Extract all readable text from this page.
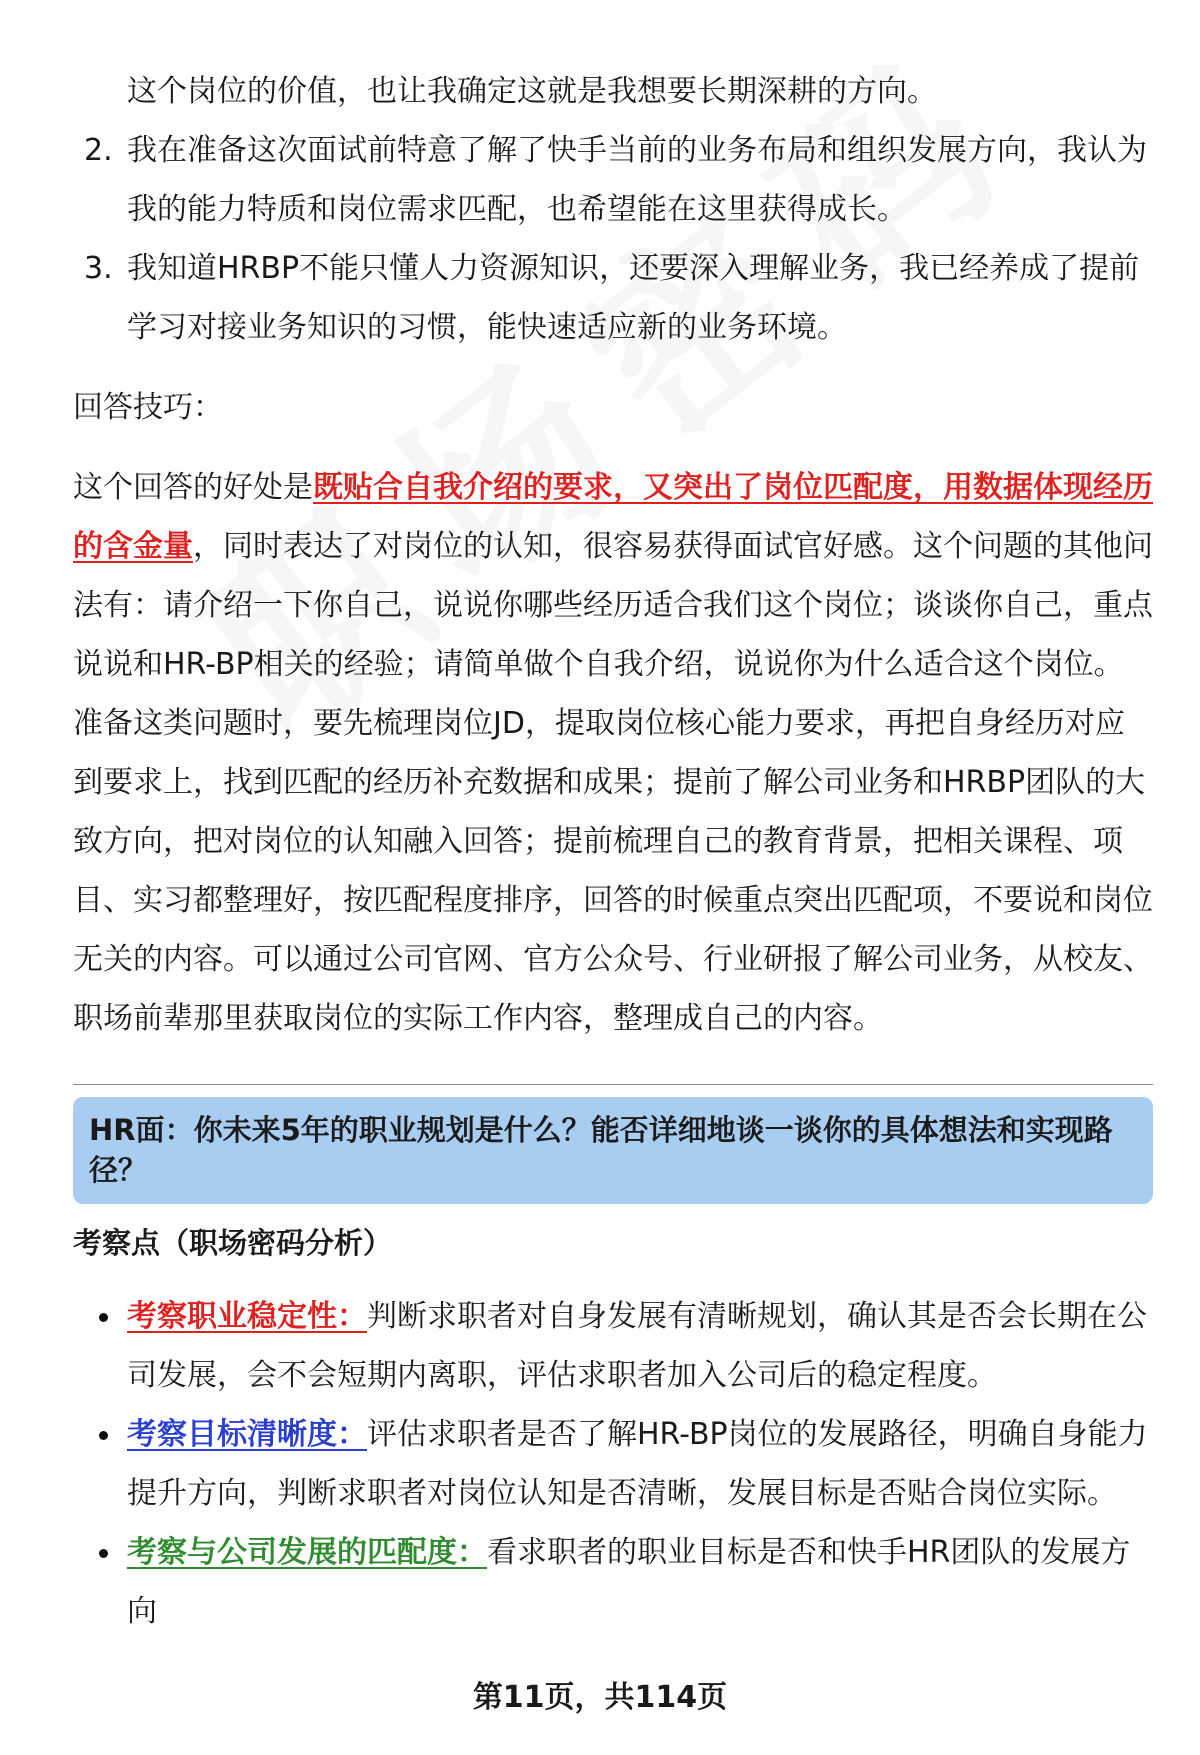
这个岗位的价值，也让我确定这就是我想要长期深耕的方向。

2. 我在准备这次面试前特意了解了快手当前的业务布局和组织发展方向，我认为我的能力特质和岗位需求匹配，也希望能在这里获得成长。
3. 我知道HRBP不能只懂人力资源知识，还要深入理解业务，我已经养成了提前学习对接业务知识的习惯，能快速适应新的业务环境。

回答技巧：

这个回答的好处是既贴合自我介绍的要求，又突出了岗位匹配度，用数据体现经历的含金量，同时表达了对岗位的认知，很容易获得面试官好感。这个问题的其他问法有：请介绍一下你自己，说说你哪些经历适合我们这个岗位；谈谈你自己，重点说说和HR-BP相关的经验；请简单做个自我介绍，说说你为什么适合这个岗位。准备这类问题时，要先梳理岗位JD，提取岗位核心能力要求，再把自身经历对应到要求上，找到匹配的经历补充数据和成果；提前了解公司业务和HRBP团队的大致方向，把对岗位的认知融入回答；提前梳理自己的教育背景，把相关课程、项目、实习都整理好，按匹配程度排序，回答的时候重点突出匹配项，不要说和岗位无关的内容。可以通过公司官网、官方公众号、行业研报了解公司业务，从校友、职场前辈那里获取岗位的实际工作内容，整理成自己的内容。

HR面：你未来5年的职业规划是什么？能否详细地谈一谈你的具体想法和实现路径？

考察点（职场密码分析）

考察职业稳定性：判断求职者对自身发展有清晰规划，确认其是否会长期在公司发展，会不会短期内离职，评估求职者加入公司后的稳定程度。
考察目标清晰度：评估求职者是否了解HR-BP岗位的发展路径，明确自身能力提升方向，判断求职者对岗位认知是否清晰，发展目标是否贴合岗位实际。
考察与公司发展的匹配度：看求职者的职业目标是否和快手HR团队的发展方向
第11页，共114页
